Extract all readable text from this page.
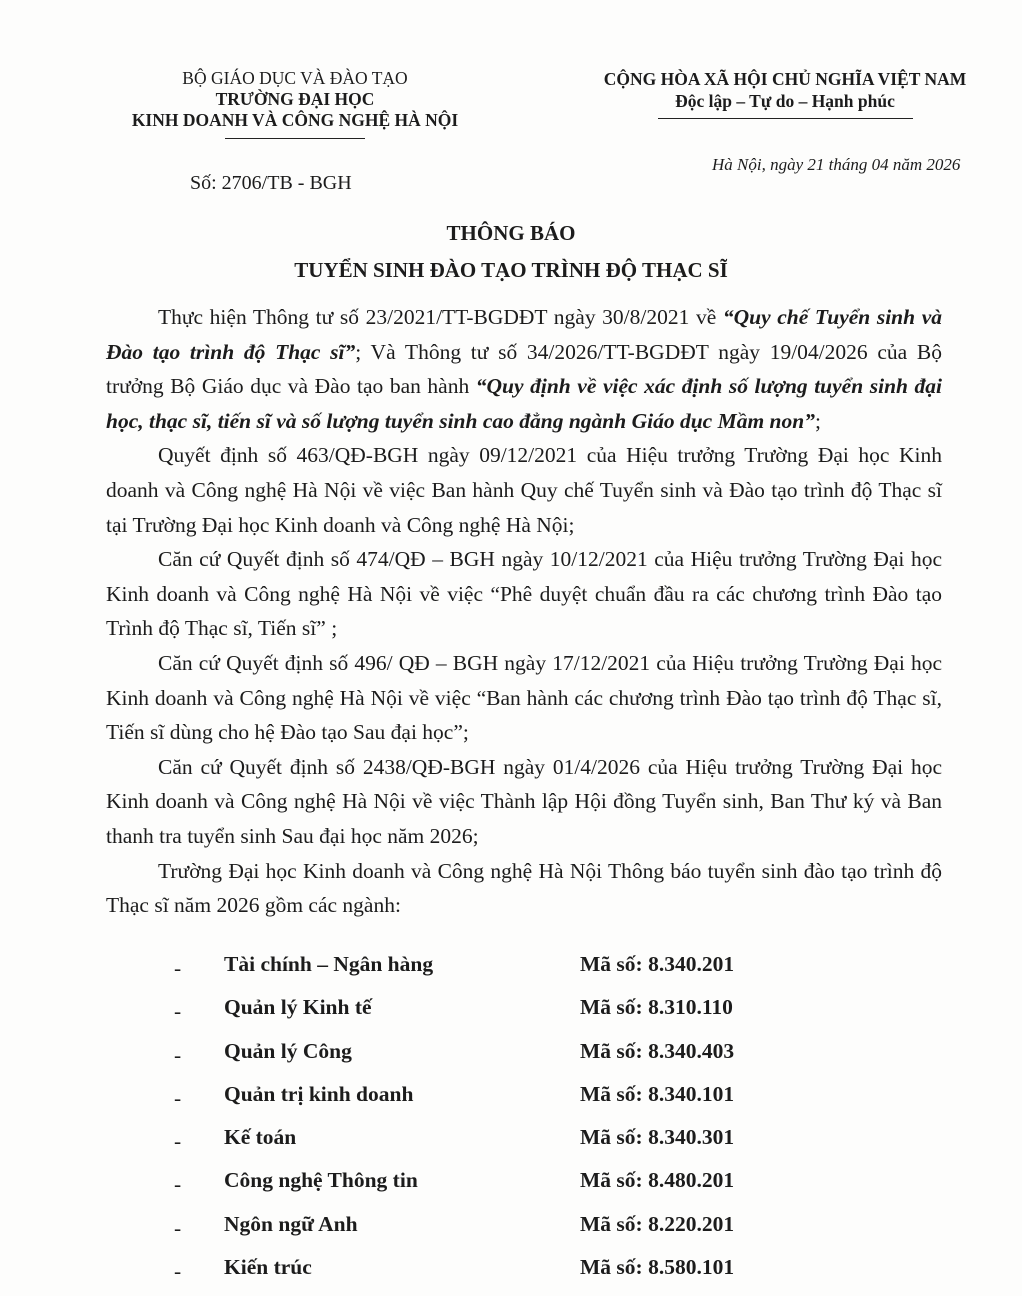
BỘ GIÁO DỤC VÀ ĐÀO TẠO
TRƯỜNG ĐẠI HỌC
KINH DOANH VÀ CÔNG NGHỆ HÀ NỘI
CỘNG HÒA XÃ HỘI CHỦ NGHĨA VIỆT NAM
Độc lập – Tự do – Hạnh phúc
Số: 2706/TB - BGH
Hà Nội, ngày 21 tháng 04 năm 2026
THÔNG BÁO
TUYỂN SINH ĐÀO TẠO TRÌNH ĐỘ THẠC SĨ

Thực hiện Thông tư số 23/2021/TT-BGDĐT ngày 30/8/2021 về “Quy chế Tuyển sinh và Đào tạo trình độ Thạc sĩ”; Và Thông tư số 34/2026/TT-BGDĐT ngày 19/04/2026 của Bộ trưởng Bộ Giáo dục và Đào tạo ban hành “Quy định về việc xác định số lượng tuyển sinh đại học, thạc sĩ, tiến sĩ và số lượng tuyển sinh cao đẳng ngành Giáo dục Mầm non”;

Quyết định số 463/QĐ-BGH ngày 09/12/2021 của Hiệu trưởng Trường Đại học Kinh doanh và Công nghệ Hà Nội về việc Ban hành Quy chế Tuyển sinh và Đào tạo trình độ Thạc sĩ tại Trường Đại học Kinh doanh và Công nghệ Hà Nội;

Căn cứ Quyết định số 474/QĐ – BGH ngày 10/12/2021 của Hiệu trưởng Trường Đại học Kinh doanh và Công nghệ Hà Nội về việc “Phê duyệt chuẩn đầu ra các chương trình Đào tạo Trình độ Thạc sĩ, Tiến sĩ” ;

Căn cứ Quyết định số 496/ QĐ – BGH ngày 17/12/2021 của Hiệu trưởng Trường Đại học Kinh doanh và Công nghệ Hà Nội về việc “Ban hành các chương trình Đào tạo trình độ Thạc sĩ, Tiến sĩ dùng cho hệ Đào tạo Sau đại học”;

Căn cứ Quyết định số 2438/QĐ-BGH ngày 01/4/2026 của Hiệu trưởng Trường Đại học Kinh doanh và Công nghệ Hà Nội về việc Thành lập Hội đồng Tuyển sinh, Ban Thư ký và Ban thanh tra tuyển sinh Sau đại học năm 2026;

Trường Đại học Kinh doanh và Công nghệ Hà Nội Thông báo tuyển sinh đào tạo trình độ Thạc sĩ năm 2026 gồm các ngành:

- Tài chính – Ngân hàng	Mã số: 8.340.201
- Quản lý Kinh tế	Mã số: 8.310.110
- Quản lý Công	Mã số: 8.340.403
- Quản trị kinh doanh	Mã số: 8.340.101
- Kế toán	Mã số: 8.340.301
- Công nghệ Thông tin	Mã số: 8.480.201
- Ngôn ngữ Anh	Mã số: 8.220.201
- Kiến trúc	Mã số: 8.580.101
